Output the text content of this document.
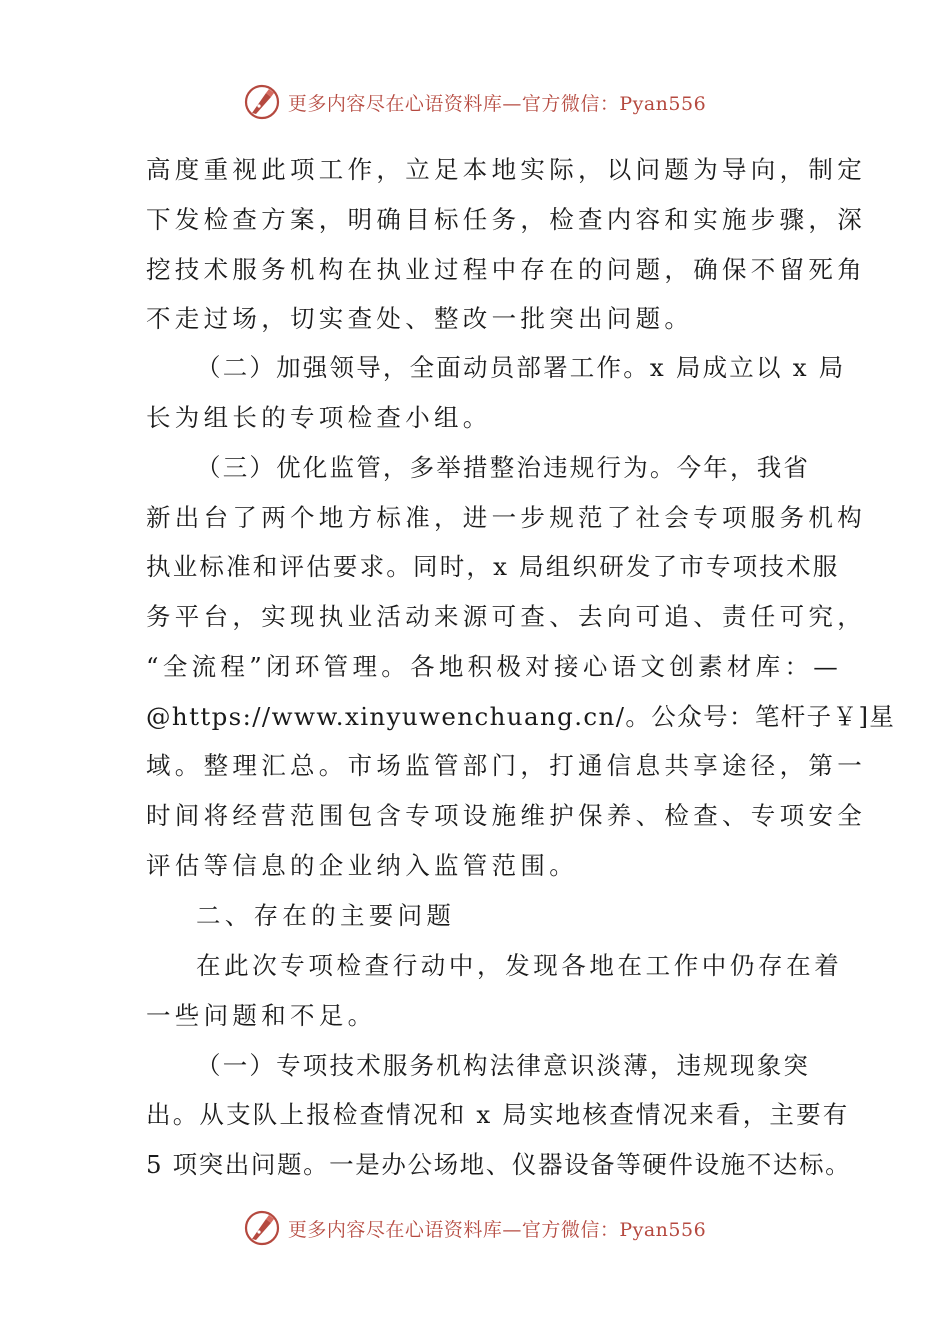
更多内容尽在心语资料库—官方微信：Pyan556
高度重视此项工作，立足本地实际，以问题为导向，制定
下发检查方案，明确目标任务，检查内容和实施步骤，深
挖技术服务机构在执业过程中存在的问题，确保不留死角
不走过场，切实查处、整改一批突出问题。
（二）加强领导，全面动员部署工作。x 局成立以 x 局
长为组长的专项检查小组。
（三）优化监管，多举措整治违规行为。今年，我省
新出台了两个地方标准，进一步规范了社会专项服务机构
执业标准和评估要求。同时，x 局组织研发了市专项技术服
务平台，实现执业活动来源可查、去向可追、责任可究，
“全流程”闭环管理。各地积极对接心语文创素材库：—
@https://www.xinyuwenchuang.cn/。公众号：笔杆子￥]星
域。整理汇总。市场监管部门，打通信息共享途径，第一
时间将经营范围包含专项设施维护保养、检查、专项安全
评估等信息的企业纳入监管范围。
二、存在的主要问题
在此次专项检查行动中，发现各地在工作中仍存在着
一些问题和不足。
（一）专项技术服务机构法律意识淡薄，违规现象突
出。从支队上报检查情况和 x 局实地核查情况来看，主要有
5 项突出问题。一是办公场地、仪器设备等硬件设施不达标。
更多内容尽在心语资料库—官方微信：Pyan556
